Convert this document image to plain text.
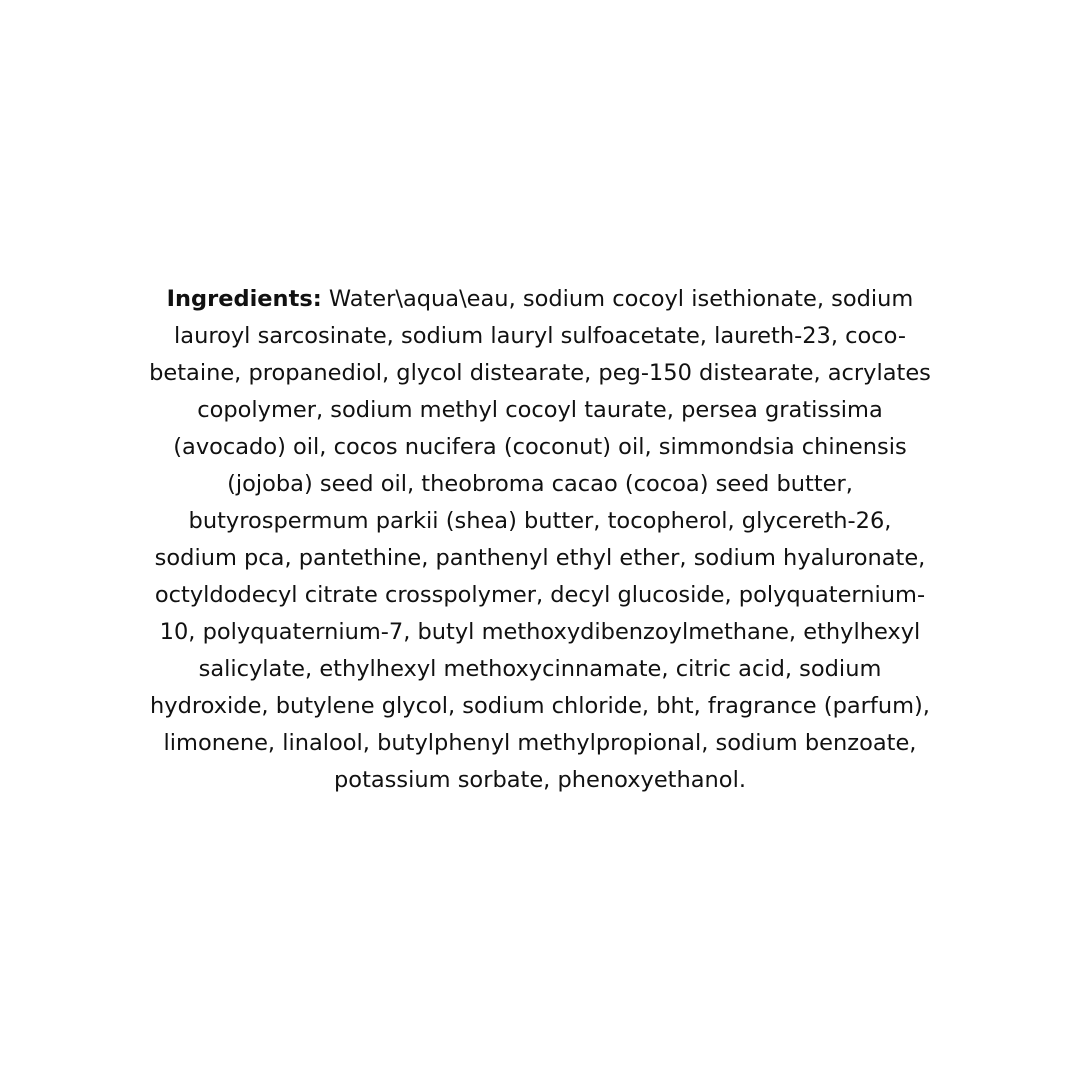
Ingredients: Water\aqua\eau, sodium cocoyl isethionate, sodium
lauroyl sarcosinate, sodium lauryl sulfoacetate, laureth-23, coco-
betaine, propanediol, glycol distearate, peg-150 distearate, acrylates
copolymer, sodium methyl cocoyl taurate, persea gratissima
(avocado) oil, cocos nucifera (coconut) oil, simmondsia chinensis
(jojoba) seed oil, theobroma cacao (cocoa) seed butter,
butyrospermum parkii (shea) butter, tocopherol, glycereth-26,
sodium pca, pantethine, panthenyl ethyl ether, sodium hyaluronate,
octyldodecyl citrate crosspolymer, decyl glucoside, polyquaternium-
10, polyquaternium-7, butyl methoxydibenzoylmethane, ethylhexyl
salicylate, ethylhexyl methoxycinnamate, citric acid, sodium
hydroxide, butylene glycol, sodium chloride, bht, fragrance (parfum),
limonene, linalool, butylphenyl methylpropional, sodium benzoate,
potassium sorbate, phenoxyethanol.
